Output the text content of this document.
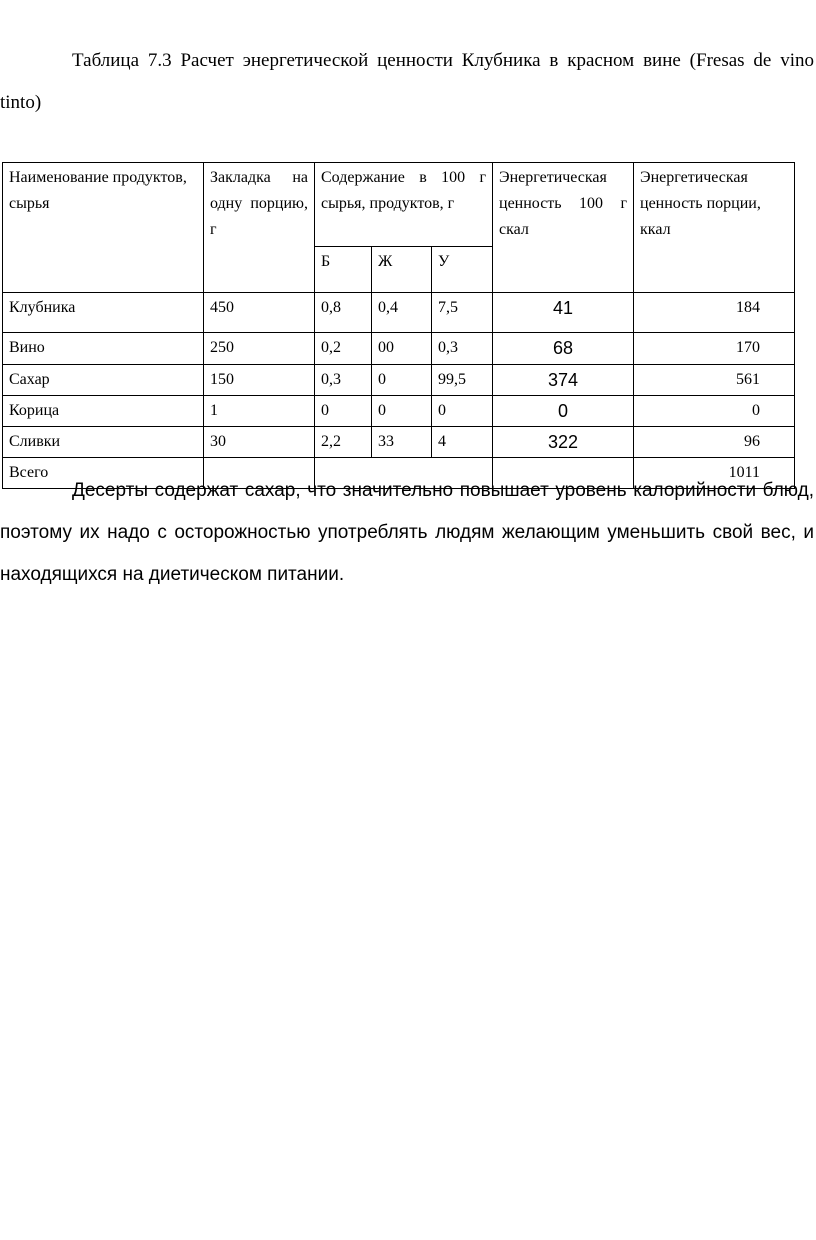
Таблица 7.3 Расчет энергетической ценности Клубника в красном вине (Fresas de vino tinto)
Наименование продуктов, сырья	Закладка на одну порцию, г	Содержание в 100 г сырья, продуктов, г			Энергетическая ценность 100 г скал	Энергетическая ценность порции, ккал
		Б	Ж	У		
Клубника	450	0,8	0,4	7,5	41	184
Вино	250	0,2	00	0,3	68	170
Сахар	150	0,3	0	99,5	374	561
Корица	1	0	0	0	0	0
Сливки	30	2,2	33	4	322	96
Всего						1011
Десерты содержат сахар, что значительно повышает уровень калорийности блюд, поэтому их надо с осторожностью употреблять людям желающим уменьшить свой вес, и находящихся на диетическом питании.
